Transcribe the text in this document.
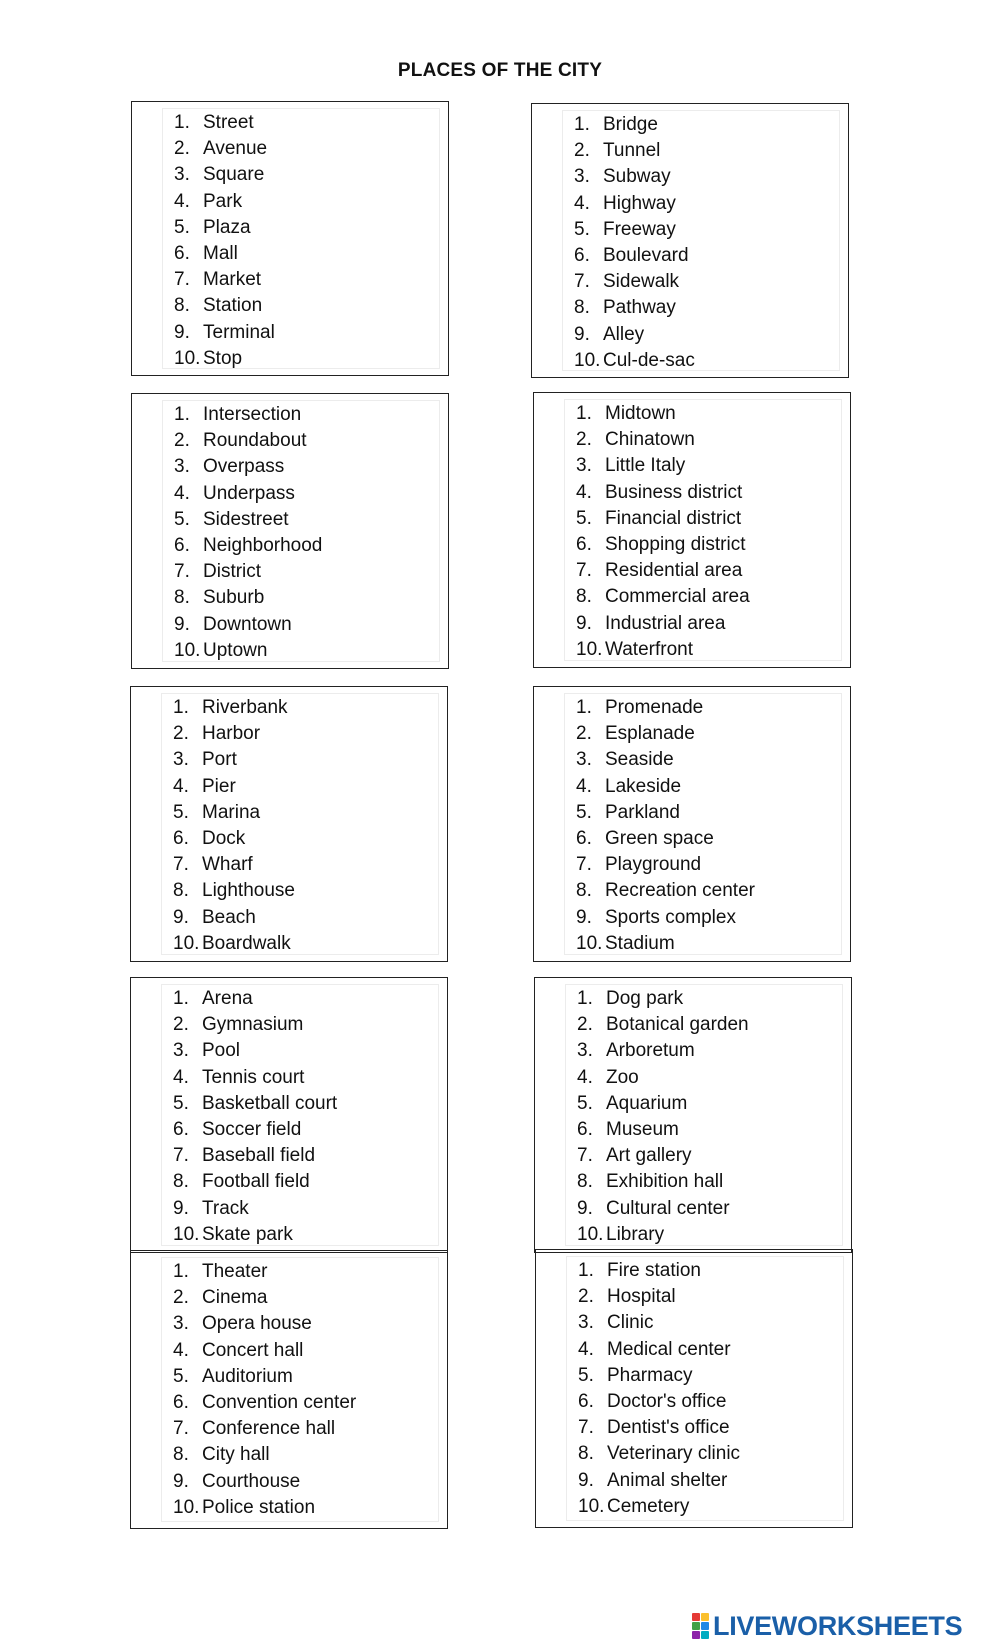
PLACES OF THE CITY
1. Street
2. Avenue
3. Square
4. Park
5. Plaza
6. Mall
7. Market
8. Station
9. Terminal
10. Stop
1. Bridge
2. Tunnel
3. Subway
4. Highway
5. Freeway
6. Boulevard
7. Sidewalk
8. Pathway
9. Alley
10. Cul-de-sac
1. Intersection
2. Roundabout
3. Overpass
4. Underpass
5. Sidestreet
6. Neighborhood
7. District
8. Suburb
9. Downtown
10. Uptown
1. Midtown
2. Chinatown
3. Little Italy
4. Business district
5. Financial district
6. Shopping district
7. Residential area
8. Commercial area
9. Industrial area
10. Waterfront
1. Riverbank
2. Harbor
3. Port
4. Pier
5. Marina
6. Dock
7. Wharf
8. Lighthouse
9. Beach
10. Boardwalk
1. Promenade
2. Esplanade
3. Seaside
4. Lakeside
5. Parkland
6. Green space
7. Playground
8. Recreation center
9. Sports complex
10. Stadium
1. Arena
2. Gymnasium
3. Pool
4. Tennis court
5. Basketball court
6. Soccer field
7. Baseball field
8. Football field
9. Track
10. Skate park
1. Dog park
2. Botanical garden
3. Arboretum
4. Zoo
5. Aquarium
6. Museum
7. Art gallery
8. Exhibition hall
9. Cultural center
10. Library
1. Theater
2. Cinema
3. Opera house
4. Concert hall
5. Auditorium
6. Convention center
7. Conference hall
8. City hall
9. Courthouse
10. Police station
1. Fire station
2. Hospital
3. Clinic
4. Medical center
5. Pharmacy
6. Doctor's office
7. Dentist's office
8. Veterinary clinic
9. Animal shelter
10. Cemetery
LIVEWORKSHEETS
